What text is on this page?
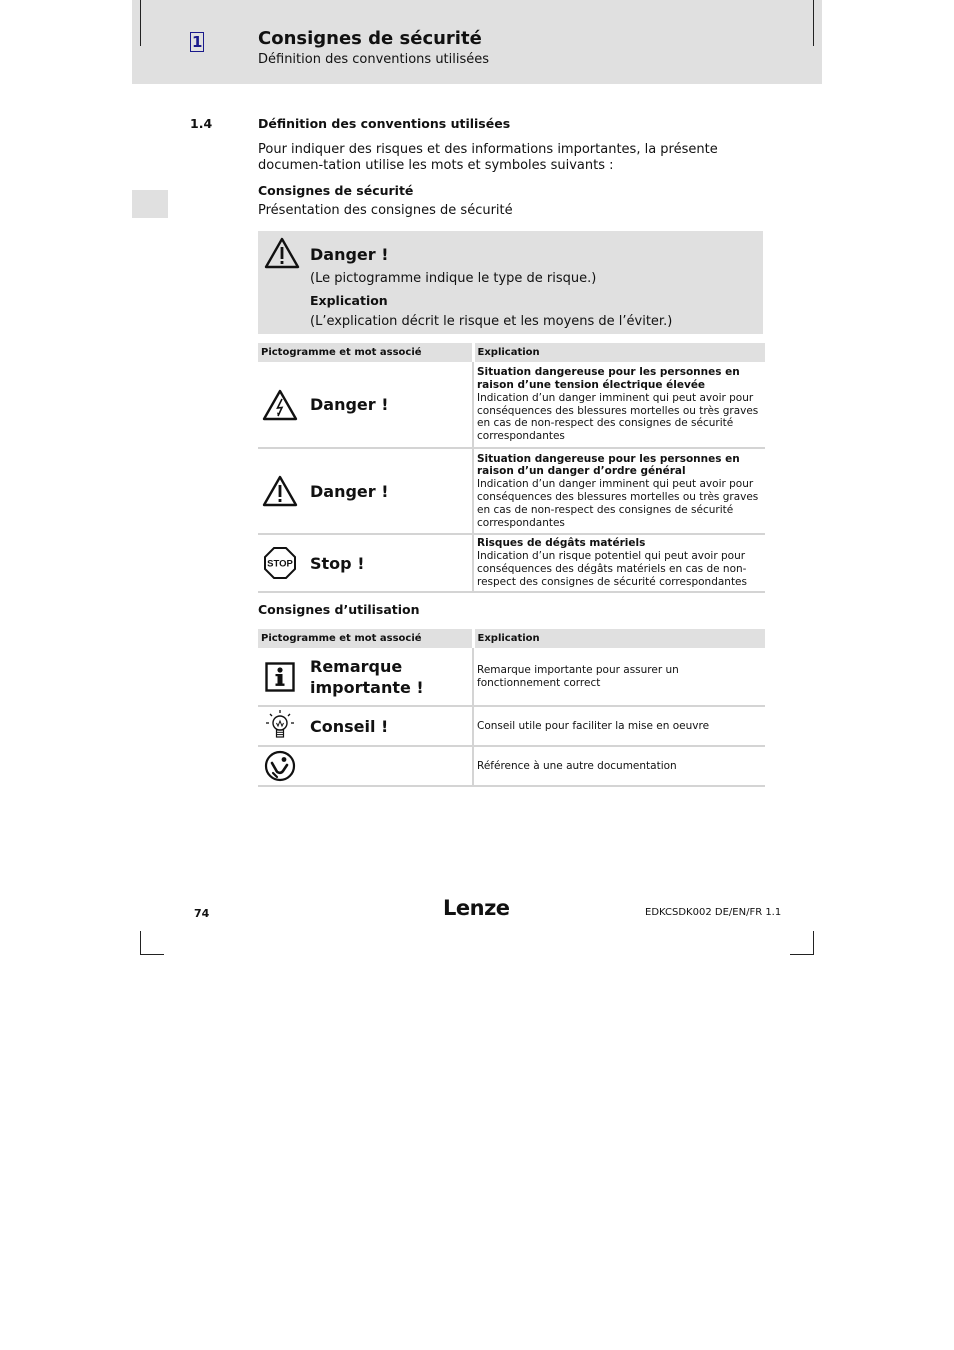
1	Consignes de sécurité
Définition des conventions utilisées
1.4	Définition des conventions utilisées
Pour indiquer des risques et des informations importantes, la présente documen-tation utilise les mots et symboles suivants :
Consignes de sécurité
Présentation des consignes de sécurité
Danger !
(Le pictogramme indique le type de risque.)
Explication
(L’explication décrit le risque et les moyens de l’éviter.)
Pictogramme et mot associé	Explication

Danger !	Situation dangereuse pour les personnes en raison d’une tension électrique élevée
Indication d’un danger imminent qui peut avoir pour conséquences des blessures mortelles ou très graves en cas de non-respect des consignes de sécurité correspondantes

Danger !	Situation dangereuse pour les personnes en raison d’un danger d’ordre général
Indication d’un danger imminent qui peut avoir pour conséquences des blessures mortelles ou très graves en cas de non-respect des consignes de sécurité correspondantes

STOP Stop !	Risques de dégâts matériels
Indication d’un risque potentiel qui peut avoir pour conséquences des dégâts matériels en cas de non-respect des consignes de sécurité correspondantes
Consignes d’utilisation
Pictogramme et mot associé	Explication

Remarque importante !	Remarque importante pour assurer un fonctionnement correct

Conseil !	Conseil utile pour faciliter la mise en oeuvre

	Référence à une autre documentation
74	Lenze	EDKCSDK002 DE/EN/FR 1.1
